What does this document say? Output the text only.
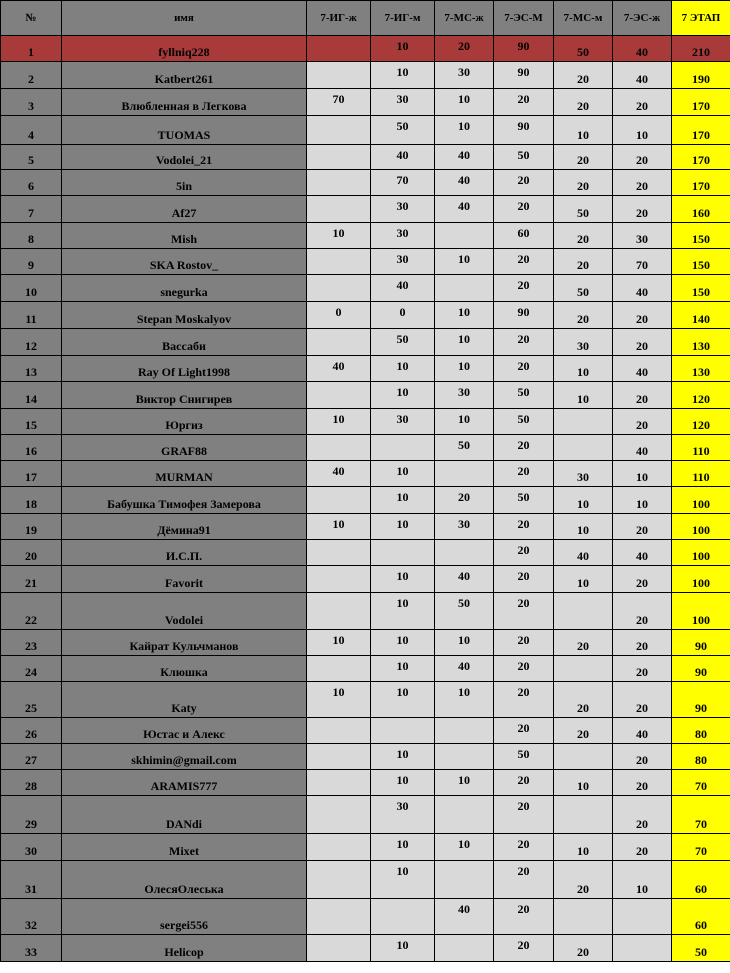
№	имя	7-ИГ-ж	7-ИГ-м	7-МС-ж	7-ЭС-М	7-МС-м	7-ЭС-ж	7 ЭТАП
1	fyllniq228		10	20	90	50	40	210
2	Katbert261		10	30	90	20	40	190
3	Влюбленная в Легкова	70	30	10	20	20	20	170
4	TUOMAS		50	10	90	10	10	170
5	Vodolei_21		40	40	50	20	20	170
6	5in		70	40	20	20	20	170
7	Af27		30	40	20	50	20	160
8	Mish	10	30		60	20	30	150
9	SKA Rostov_		30	10	20	20	70	150
10	snegurka		40		20	50	40	150
11	Stepan Moskalyov	0	0	10	90	20	20	140
12	Вассаби		50	10	20	30	20	130
13	Ray Of Light1998	40	10	10	20	10	40	130
14	Виктор Снигирев		10	30	50	10	20	120
15	Юргиз	10	30	10	50		20	120
16	GRAF88			50	20		40	110
17	MURMAN	40	10		20	30	10	110
18	Бабушка Тимофея Замерова		10	20	50	10	10	100
19	Дёмина91	10	10	30	20	10	20	100
20	И.С.П.				20	40	40	100
21	Favorit		10	40	20	10	20	100
22	Vodolei		10	50	20		20	100
23	Кайрат Кульчманов	10	10	10	20	20	20	90
24	Клюшка		10	40	20		20	90
25	Katy	10	10	10	20	20	20	90
26	Юстас и Алекс				20	20	40	80
27	skhimin@gmail.com		10		50		20	80
28	ARAMIS777		10	10	20	10	20	70
29	DANdi		30		20		20	70
30	Mixet		10	10	20	10	20	70
31	ОлесяОлеська		10		20	20	10	60
32	sergei556			40	20			60
33	Helicop		10		20	20		50
